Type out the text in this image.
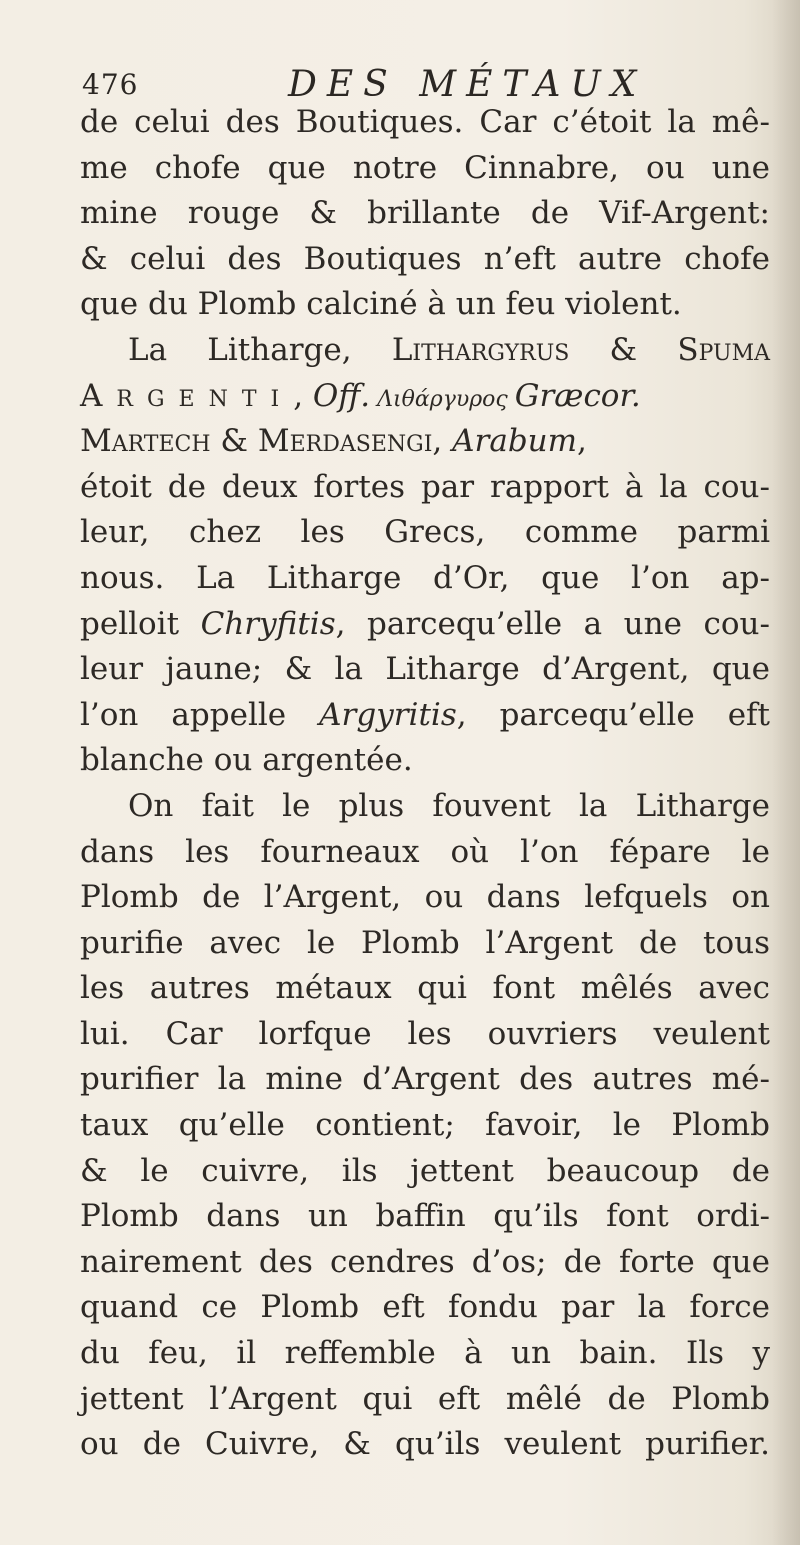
476	DES MÉTAUX
de celui des Boutiques. Car c’étoit la mê-
me chofe que notre Cinnabre, ou une
mine rouge & brillante de Vif-Argent:
& celui des Boutiques n’eft autre chofe
que du Plomb calciné à un feu violent.
La Litharge, Lithargyrus & Spuma
Argenti, Off. Λιθάργυρος Græcor.
Martech & Merdasengi, Arabum,
étoit de deux fortes par rapport à la cou-
leur, chez les Grecs, comme parmi
nous. La Litharge d’Or, que l’on ap-
pelloit Chryfitis, parcequ’elle a une cou-
leur jaune; & la Litharge d’Argent, que
l’on appelle Argyritis, parcequ’elle eft
blanche ou argentée.
On fait le plus fouvent la Litharge
dans les fourneaux où l’on fépare le
Plomb de l’Argent, ou dans lefquels on
purifie avec le Plomb l’Argent de tous
les autres métaux qui font mêlés avec
lui. Car lorfque les ouvriers veulent
purifier la mine d’Argent des autres mé-
taux qu’elle contient; favoir, le Plomb
& le cuivre, ils jettent beaucoup de
Plomb dans un baffin qu’ils font ordi-
nairement des cendres d’os; de forte que
quand ce Plomb eft fondu par la force
du feu, il reffemble à un bain. Ils y
jettent l’Argent qui eft mêlé de Plomb
ou de Cuivre, & qu’ils veulent purifier.
